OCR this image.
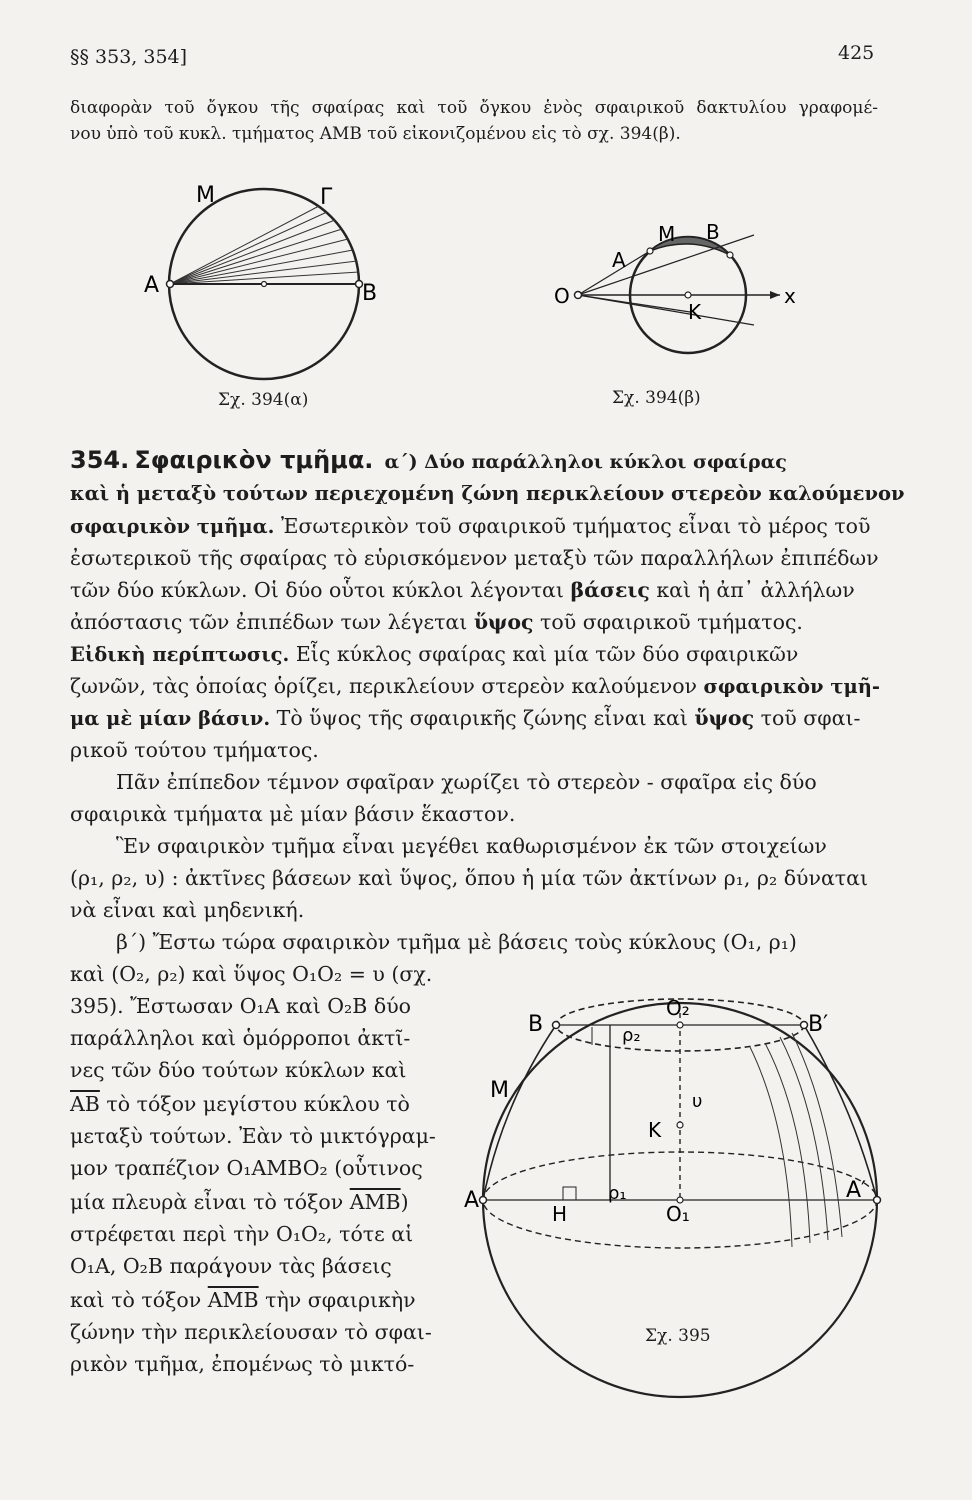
§§ 353, 354]	425
διαφορὰν τοῦ ὄγκου τῆς σφαίρας καὶ τοῦ ὄγκου ἑνὸς σφαιρικοῦ δακτυλίου γραφομέ-
νου ὑπὸ τοῦ κυκλ. τμήματος ΑΜΒ τοῦ εἰκονιζομένου εἰς τὸ σχ. 394(β).
A
M	Γ
B
Σχ. 394(α)
A
M B
O
K
x
Σχ. 394(β)
354. Σφαιρικὸν τμῆμα. α΄) Δύο παράλληλοι κύκλοι σφαίρας
καὶ ἡ μεταξὺ τούτων περιεχομένη ζώνη περικλείουν στερεὸν καλούμενον
σφαιρικὸν τμῆμα. Ἐσωτερικὸν τοῦ σφαιρικοῦ τμήματος εἶναι τὸ μέρος τοῦ
ἐσωτερικοῦ τῆς σφαίρας τὸ εὑρισκόμενον μεταξὺ τῶν παραλλήλων ἐπιπέδων
τῶν δύο κύκλων. Οἱ δύο οὗτοι κύκλοι λέγονται βάσεις καὶ ἡ ἀπ᾽ ἀλλήλων
ἀπόστασις τῶν ἐπιπέδων των λέγεται ὕψος τοῦ σφαιρικοῦ τμήματος.
Εἰδικὴ περίπτωσις. Εἷς κύκλος σφαίρας καὶ μία τῶν δύο σφαιρικῶν
ζωνῶν, τὰς ὁποίας ὁρίζει, περικλείουν στερεὸν καλούμενον σφαιρικὸν τμῆ-
μα μὲ μίαν βάσιν. Τὸ ὕψος τῆς σφαιρικῆς ζώνης εἶναι καὶ ὕψος τοῦ σφαι-
ρικοῦ τούτου τμήματος.
Πᾶν ἐπίπεδον τέμνον σφαῖραν χωρίζει τὸ στερεὸν - σφαῖρα εἰς δύο
σφαιρικὰ τμήματα μὲ μίαν βάσιν ἕκαστον.
Ἓν σφαιρικὸν τμῆμα εἶναι μεγέθει καθωρισμένον ἐκ τῶν στοιχείων
(ρ₁, ρ₂, υ) : ἀκτῖνες βάσεων καὶ ὕψος, ὅπου ἡ μία τῶν ἀκτίνων ρ₁, ρ₂ δύναται
νὰ εἶναι καὶ μηδενική.
β΄) Ἔστω τώρα σφαιρικὸν τμῆμα μὲ βάσεις τοὺς κύκλους (O₁, ρ₁)
καὶ (O₂, ρ₂) καὶ ὕψος O₁O₂ = υ (σχ.
395). Ἔστωσαν O₁A καὶ O₂B δύο
παράλληλοι καὶ ὁμόρροποι ἀκτῖ-
νες τῶν δύο τούτων κύκλων καὶ
$\overline{AB}$ τὸ τόξον μεγίστου κύκλου τὸ
μεταξὺ τούτων. Ἐὰν τὸ μικτόγραμ-
μον τραπέζιον O₁AMBO₂ (οὗτινος
μία πλευρὰ εἶναι τὸ τόξον $\overline{AMB}$)
στρέφεται περὶ τὴν O₁O₂, τότε αἱ
O₁A, O₂B παράγουν τὰς βάσεις
καὶ τὸ τόξον $\overline{AMB}$ τὴν σφαιρικὴν
ζώνην τὴν περικλείουσαν τὸ σφαι-
ρικὸν τμῆμα, ἐπομένως τὸ μικτό-
B	B′
O₂
ρ₂
M	υ
K
A	A′
H
ρ₁
O₁
Σχ. 395
